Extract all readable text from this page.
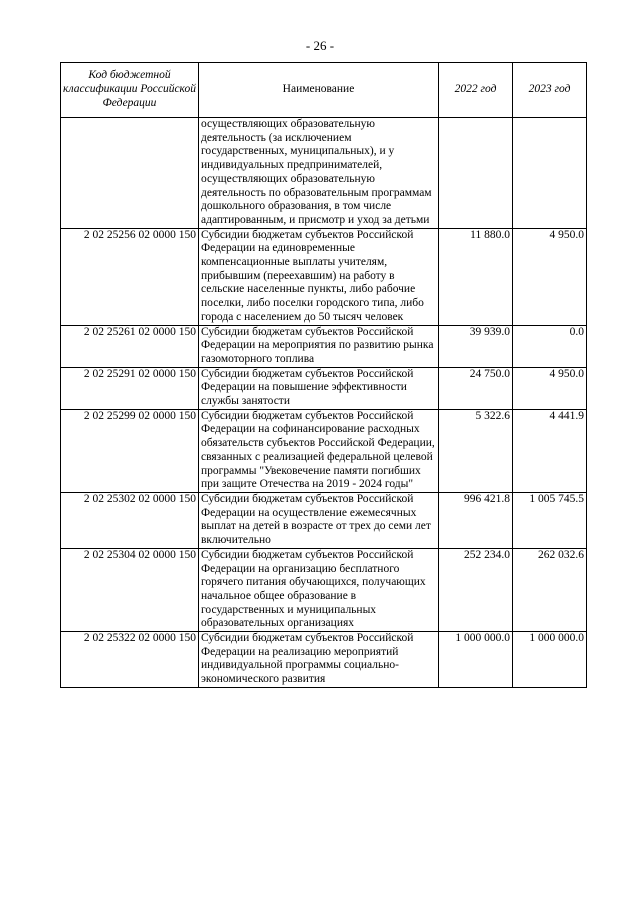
- 26 -
Код бюджетной классификации Российской Федерации	Наименование	2022 год	2023 год
	осуществляющих образовательную деятельность (за исключением государственных, муниципальных), и у индивидуальных предпринимателей, осуществляющих образовательную деятельность по образовательным программам дошкольного образования, в том числе адаптированным, и присмотр и уход за детьми		
2 02 25256 02 0000 150	Субсидии бюджетам субъектов Российской Федерации на единовременные компенсационные выплаты учителям, прибывшим (переехавшим) на работу в сельские населенные пункты, либо рабочие поселки, либо поселки городского типа, либо города с населением до 50 тысяч человек	11 880.0	4 950.0
2 02 25261 02 0000 150	Субсидии бюджетам субъектов Российской Федерации на мероприятия по развитию рынка газомоторного топлива	39 939.0	0.0
2 02 25291 02 0000 150	Субсидии бюджетам субъектов Российской Федерации на повышение эффективности службы занятости	24 750.0	4 950.0
2 02 25299 02 0000 150	Субсидии бюджетам субъектов Российской Федерации на софинансирование расходных обязательств субъектов Российской Федерации, связанных с реализацией федеральной целевой программы "Увековечение памяти погибших при защите Отечества на 2019 - 2024 годы"	5 322.6	4 441.9
2 02 25302 02 0000 150	Субсидии бюджетам субъектов Российской Федерации на осуществление ежемесячных выплат на детей в возрасте от трех до семи лет включительно	996 421.8	1 005 745.5
2 02 25304 02 0000 150	Субсидии бюджетам субъектов Российской Федерации на организацию бесплатного горячего питания обучающихся, получающих начальное общее образование в государственных и муниципальных образовательных организациях	252 234.0	262 032.6
2 02 25322 02 0000 150	Субсидии бюджетам субъектов Российской Федерации на реализацию мероприятий индивидуальной программы социально-экономического развития	1 000 000.0	1 000 000.0
